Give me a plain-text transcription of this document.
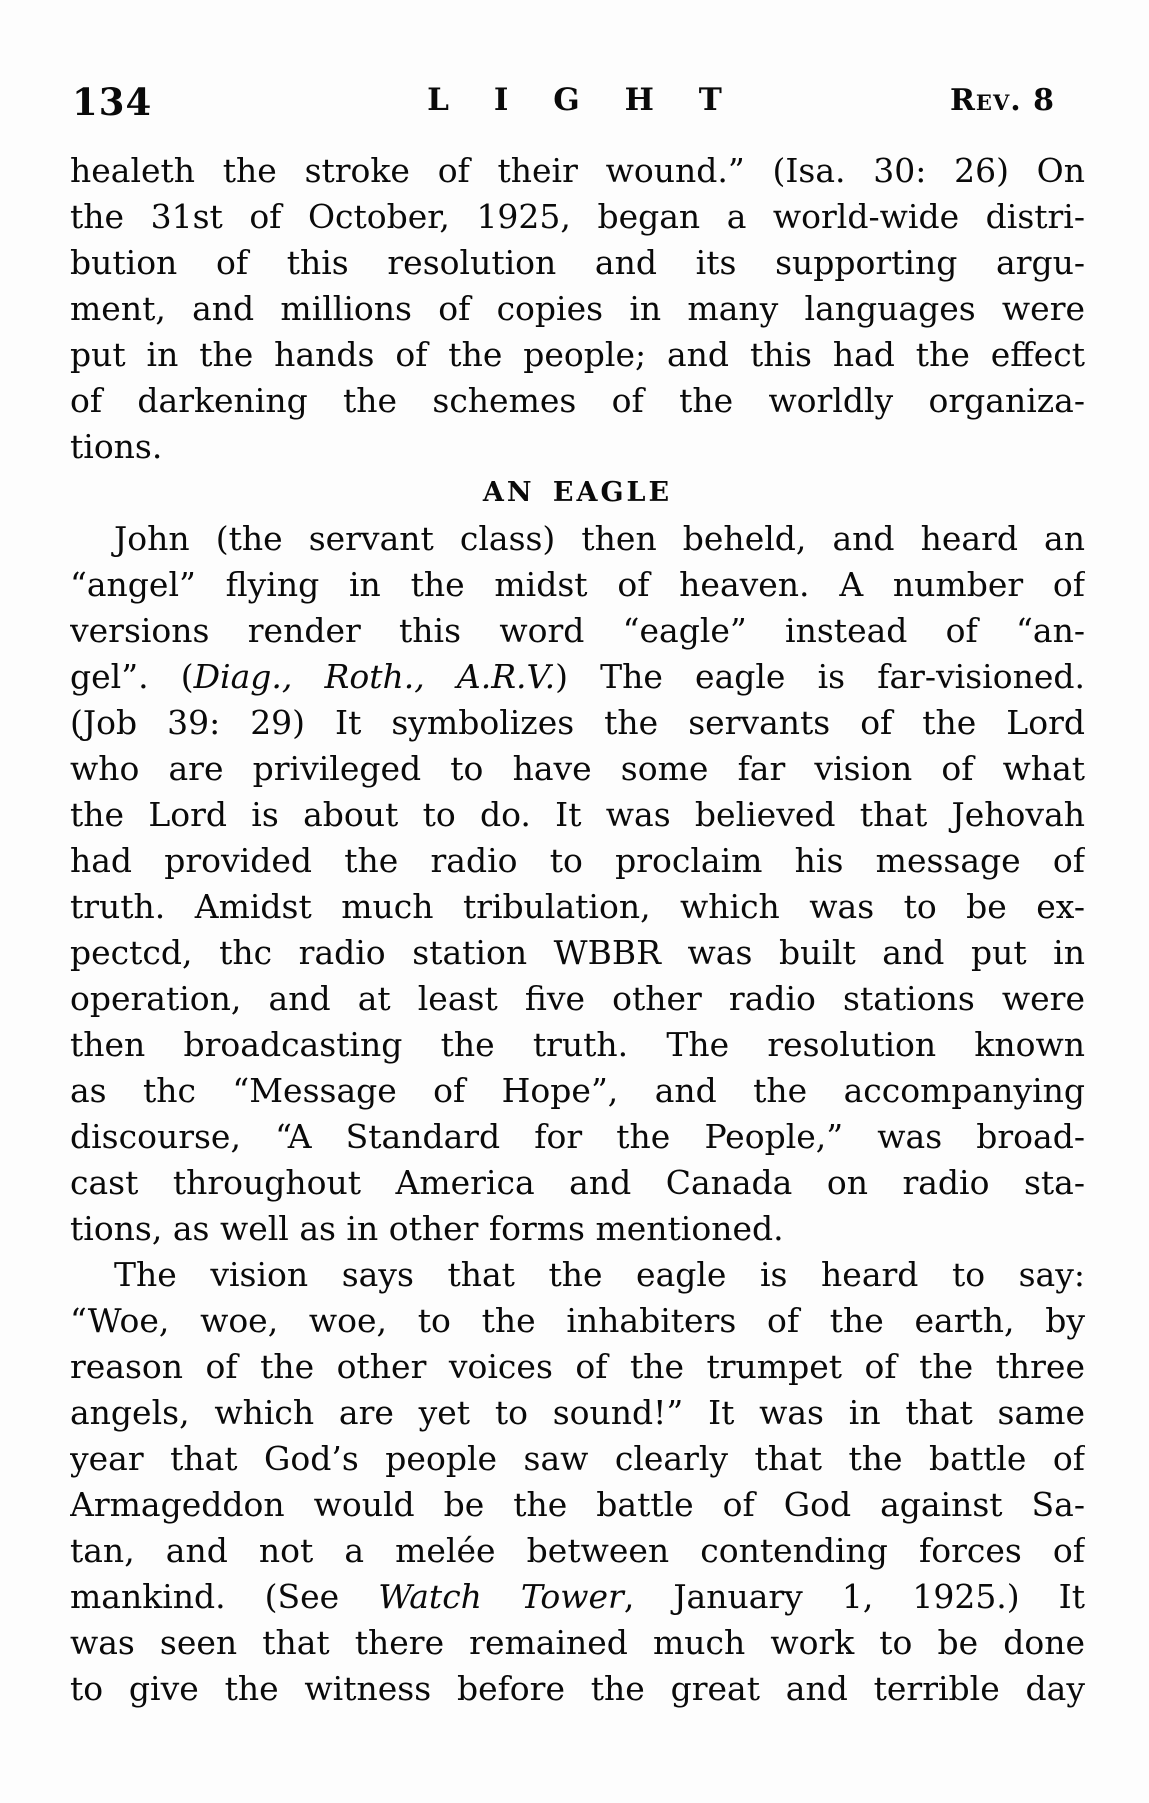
134	L I G H T	Rev. 8
healeth the stroke of their wound.” (Isa. 30: 26) On
the 31st of October, 1925, began a world-wide distri-
bution of this resolution and its supporting argu-
ment, and millions of copies in many languages were
put in the hands of the people; and this had the effect
of darkening the schemes of the worldly organiza-
tions.
AN EAGLE
John (the servant class) then beheld, and heard an
“angel” flying in the midst of heaven. A number of
versions render this word “eagle” instead of “an-
gel”. (Diag., Roth., A.R.V.) The eagle is far-visioned.
(Job 39: 29) It symbolizes the servants of the Lord
who are privileged to have some far vision of what
the Lord is about to do. It was believed that Jehovah
had provided the radio to proclaim his message of
truth. Amidst much tribulation, which was to be ex-
pectcd, thc radio station WBBR was built and put in
operation, and at least five other radio stations were
then broadcasting the truth. The resolution known
as thc “Message of Hope”, and the accompanying
discourse, “A Standard for the People,” was broad-
cast throughout America and Canada on radio sta-
tions, as well as in other forms mentioned.
The vision says that the eagle is heard to say:
“Woe, woe, woe, to the inhabiters of the earth, by
reason of the other voices of the trumpet of the three
angels, which are yet to sound!” It was in that same
year that God’s people saw clearly that the battle of
Armageddon would be the battle of God against Sa-
tan, and not a melée between contending forces of
mankind. (See Watch Tower, January 1, 1925.) It
was seen that there remained much work to be done
to give the witness before the great and terrible day
